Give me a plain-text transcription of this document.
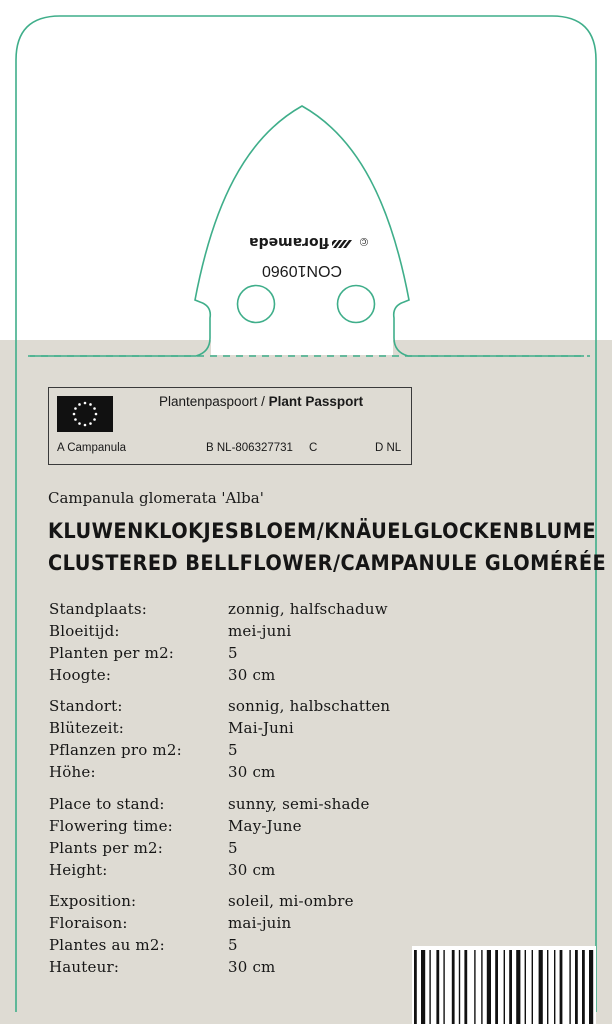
CON10960
©
florameda
Plantenpaspoort / Plant Passport
A Campanula	B NL-806327731 C	D NL
Campanula glomerata 'Alba'
KLUWENKLOKJESBLOEM/KNÄUELGLOCKENBLUME
CLUSTERED BELLFLOWER/CAMPANULE GLOMÉRÉE
Standplaats:	zonnig, halfschaduw
Bloeitijd:	mei-juni
Planten per m2:	5
Hoogte:	30 cm
Standort:	sonnig, halbschatten
Blütezeit:	Mai-Juni
Pflanzen pro m2:	5
Höhe:	30 cm
Place to stand:	sunny, semi-shade
Flowering time:	May-June
Plants per m2:	5
Height:	30 cm
Exposition:	soleil, mi-ombre
Floraison:	mai-juin
Plantes au m2:	5
Hauteur:	30 cm
